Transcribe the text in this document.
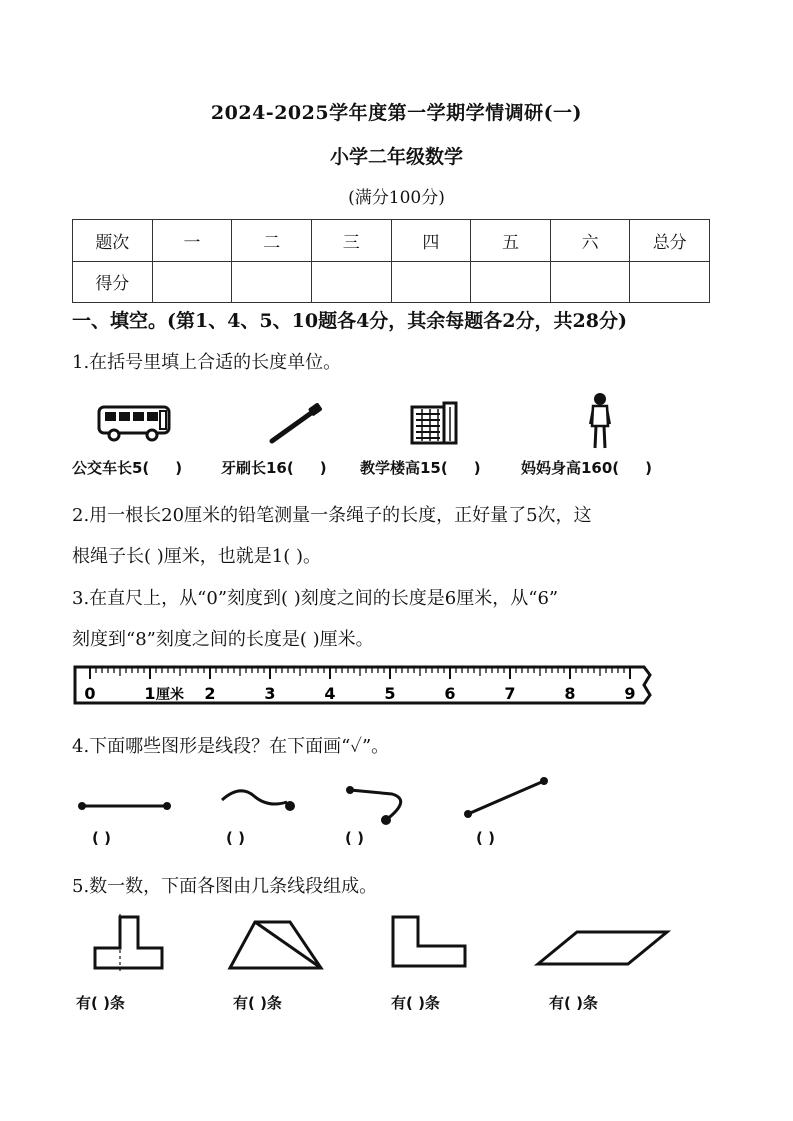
2024-2025学年度第一学期学情调研(一)
小学二年级数学
(满分100分)
题次	一	二	三	四	五	六	总分
得分							
一、填空。(第1、4、5、10题各4分，其余每题各2分，共28分)
1.在括号里填上合适的长度单位。
公交车长5( )	牙刷长16( ) 教学楼高15( )	妈妈身高160( )
2.用一根长20厘米的铅笔测量一条绳子的长度，正好量了5次，这
根绳子长( )厘米，也就是1( )。
3.在直尺上，从“0”刻度到( )刻度之间的长度是6厘米，从“6”
刻度到“8”刻度之间的长度是( )厘米。
0	1	2	3	4	5	6	7	8	9
厘米
4.下面哪些图形是线段？在下面画“✓”。
( )	( )	( )	( )
5.数一数，下面各图由几条线段组成。
有( )条	有( )条	有( )条	有( )条
